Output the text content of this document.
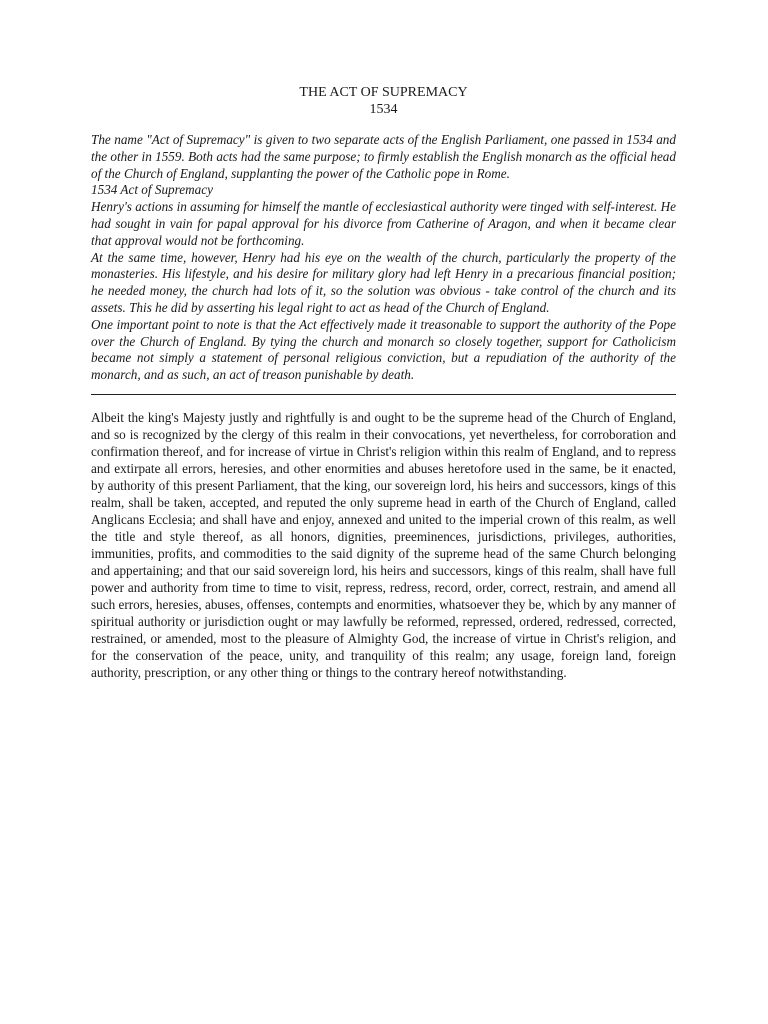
THE ACT OF SUPREMACY
1534

The name "Act of Supremacy" is given to two separate acts of the English Parliament, one passed in 1534 and the other in 1559. Both acts had the same purpose; to firmly establish the English monarch as the official head of the Church of England, supplanting the power of the Catholic pope in Rome.

1534 Act of Supremacy

Henry's actions in assuming for himself the mantle of ecclesiastical authority were tinged with self-interest. He had sought in vain for papal approval for his divorce from Catherine of Aragon, and when it became clear that approval would not be forthcoming.

At the same time, however, Henry had his eye on the wealth of the church, particularly the property of the monasteries. His lifestyle, and his desire for military glory had left Henry in a precarious financial position; he needed money, the church had lots of it, so the solution was obvious - take control of the church and its assets. This he did by asserting his legal right to act as head of the Church of England.

One important point to note is that the Act effectively made it treasonable to support the authority of the Pope over the Church of England. By tying the church and monarch so closely together, support for Catholicism became not simply a statement of personal religious conviction, but a repudiation of the authority of the monarch, and as such, an act of treason punishable by death.

Albeit the king's Majesty justly and rightfully is and ought to be the supreme head of the Church of England, and so is recognized by the clergy of this realm in their convocations, yet nevertheless, for corroboration and confirmation thereof, and for increase of virtue in Christ's religion within this realm of England, and to repress and extirpate all errors, heresies, and other enormities and abuses heretofore used in the same, be it enacted, by authority of this present Parliament, that the king, our sovereign lord, his heirs and successors, kings of this realm, shall be taken, accepted, and reputed the only supreme head in earth of the Church of England, called Anglicans Ecclesia; and shall have and enjoy, annexed and united to the imperial crown of this realm, as well the title and style thereof, as all honors, dignities, preeminences, jurisdictions, privileges, authorities, immunities, profits, and commodities to the said dignity of the supreme head of the same Church belonging and appertaining; and that our said sovereign lord, his heirs and successors, kings of this realm, shall have full power and authority from time to time to visit, repress, redress, record, order, correct, restrain, and amend all such errors, heresies, abuses, offenses, contempts and enormities, whatsoever they be, which by any manner of spiritual authority or jurisdiction ought or may lawfully be reformed, repressed, ordered, redressed, corrected, restrained, or amended, most to the pleasure of Almighty God, the increase of virtue in Christ's religion, and for the conservation of the peace, unity, and tranquility of this realm; any usage, foreign land, foreign authority, prescription, or any other thing or things to the contrary hereof notwithstanding.
